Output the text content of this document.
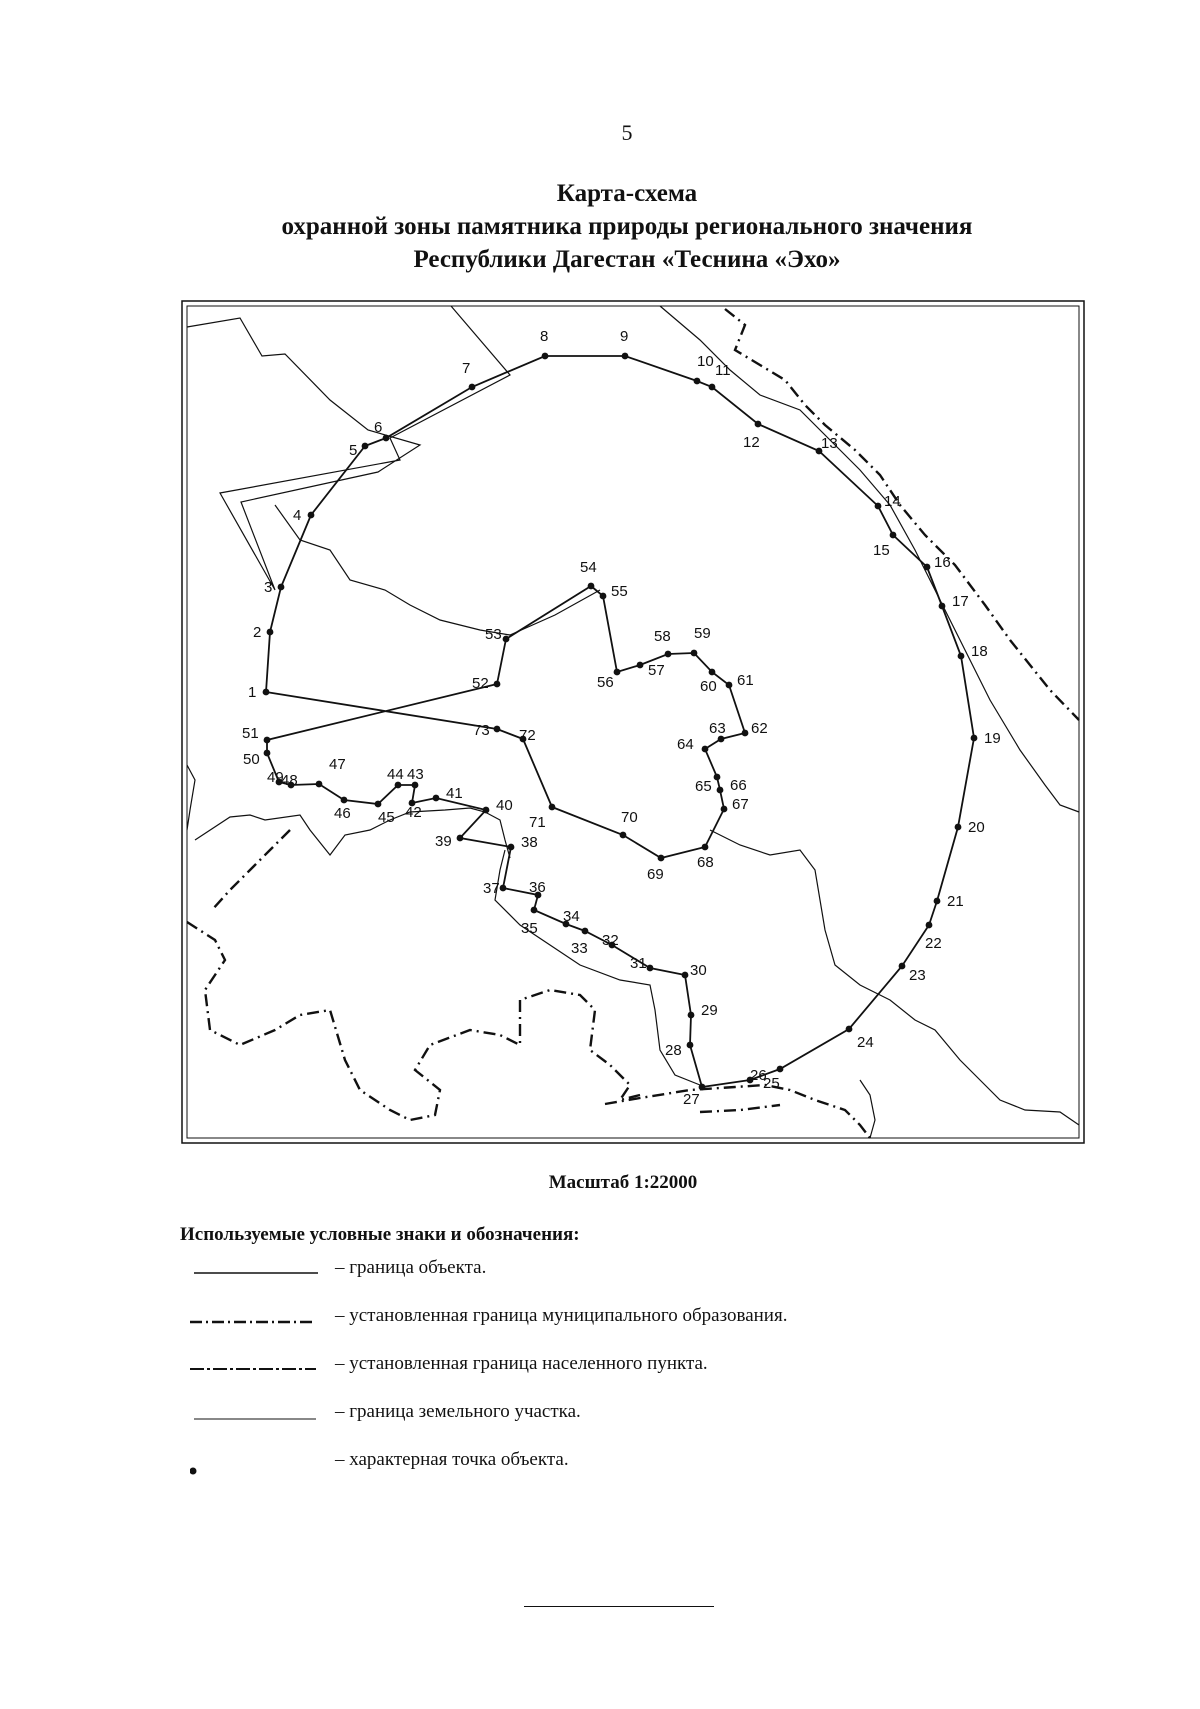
5
Карта-схема
охранной зоны памятника природы регионального значения
Республики Дагестан «Теснина «Эхо»
1
2
3
4
5
6
7
8	9
10
11
12	13
14
15
16
17
18
19
20
21
22
23
24
25
26
27
28
29
30
31
32
33
34
35
36
37
38
39
40
41
42
43
44
45
46
47
48
49
50
51
52
53
54
55
56
57
58 59
60 61
62
63
64
65 66
67
68
69
70
71
72
73
Масштаб 1:22000
Используемые условные знаки и обозначения:
– граница объекта.
– установленная граница муниципального образования.
– установленная граница населенного пункта.
– граница земельного участка.
– характерная точка объекта.
